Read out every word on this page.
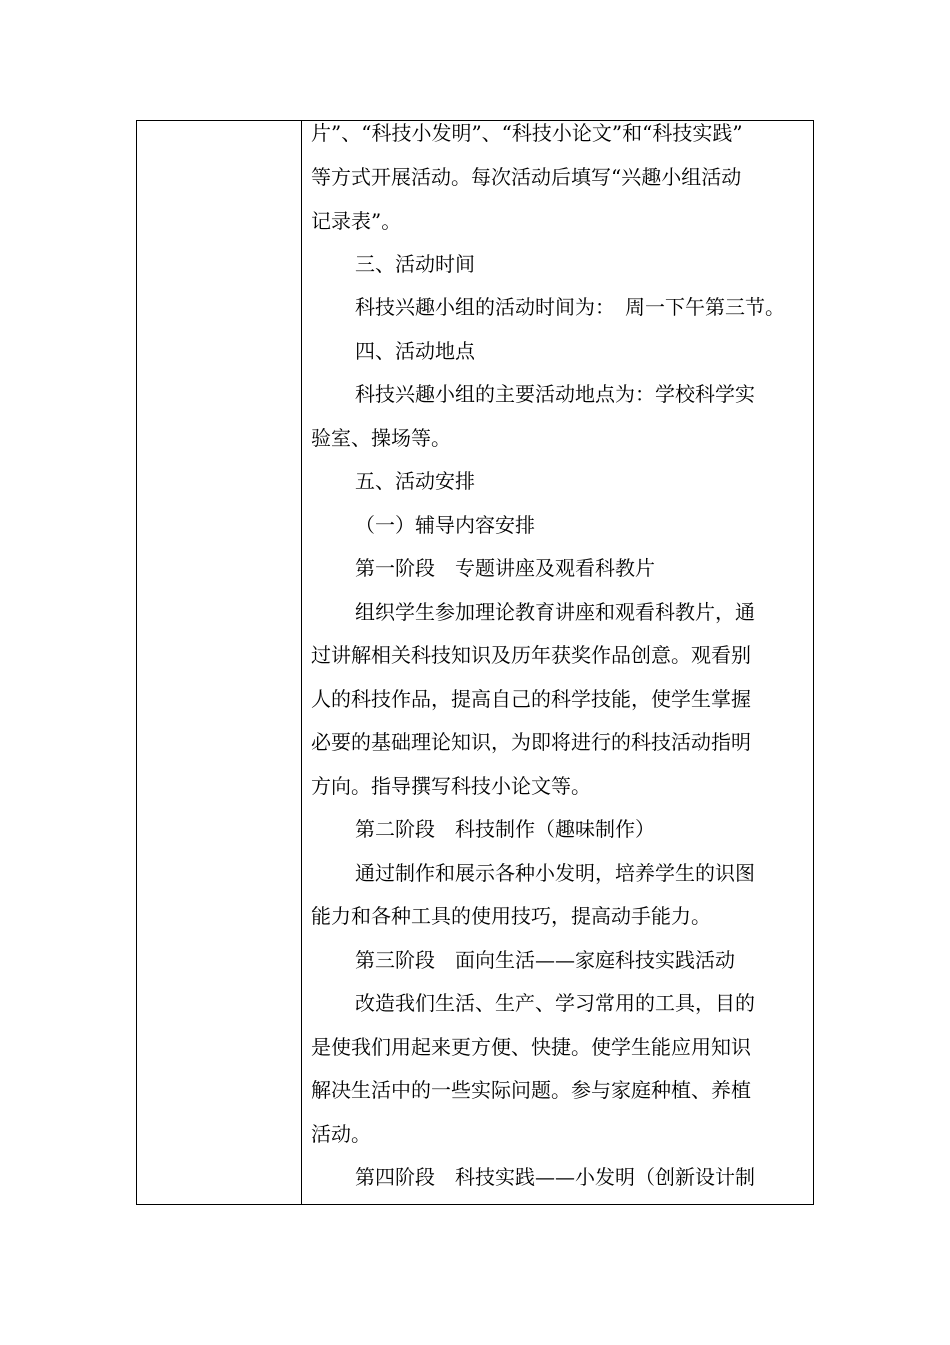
片”、“科技小发明”、“科技小论文”和“科技实践”
等方式开展活动。每次活动后填写“兴趣小组活动
记录表”。
三、活动时间
科技兴趣小组的活动时间为：　周一下午第三节。
四、活动地点
科技兴趣小组的主要活动地点为：学校科学实
验室、操场等。
五、活动安排
（一）辅导内容安排
第一阶段　专题讲座及观看科教片
组织学生参加理论教育讲座和观看科教片，通
过讲解相关科技知识及历年获奖作品创意。观看别
人的科技作品，提高自己的科学技能，使学生掌握
必要的基础理论知识，为即将进行的科技活动指明
方向。指导撰写科技小论文等。
第二阶段　科技制作（趣味制作）
通过制作和展示各种小发明，培养学生的识图
能力和各种工具的使用技巧，提高动手能力。
第三阶段　面向生活——家庭科技实践活动
改造我们生活、生产、学习常用的工具，目的
是使我们用起来更方便、快捷。使学生能应用知识
解决生活中的一些实际问题。参与家庭种植、养植
活动。
第四阶段　科技实践——小发明（创新设计制
